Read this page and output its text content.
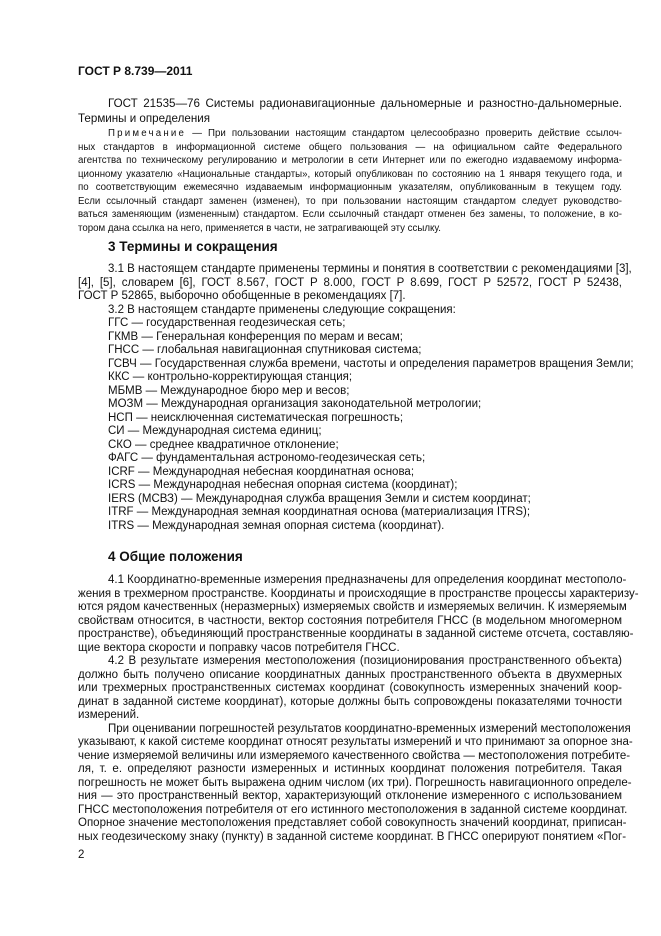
ГОСТ Р 8.739—2011
ГОСТ 21535—76 Системы радионавигационные дальномерные и разностно-дальномерные.
Термины и определения
Примечание — При пользовании настоящим стандартом целесообразно проверить действие ссылоч-
ных стандартов в информационной системе общего пользования — на официальном сайте Федерального
агентства по техническому регулированию и метрологии в сети Интернет или по ежегодно издаваемому информа-
ционному указателю «Национальные стандарты», который опубликован по состоянию на 1 января текущего года, и
по соответствующим ежемесячно издаваемым информационным указателям, опубликованным в текущем году.
Если ссылочный стандарт заменен (изменен), то при пользовании настоящим стандартом следует руководство-
ваться заменяющим (измененным) стандартом. Если ссылочный стандарт отменен без замены, то положение, в ко-
тором дана ссылка на него, применяется в части, не затрагивающей эту ссылку.
3 Термины и сокращения
3.1 В настоящем стандарте применены термины и понятия в соответствии с рекомендациями [3],
[4], [5], словарем [6], ГОСТ 8.567, ГОСТ Р 8.000, ГОСТ Р 8.699, ГОСТ Р 52572, ГОСТ Р 52438,
ГОСТ Р 52865, выборочно обобщенные в рекомендациях [7].
3.2 В настоящем стандарте применены следующие сокращения:
ГГС — государственная геодезическая сеть;
ГКМВ — Генеральная конференция по мерам и весам;
ГНСС — глобальная навигационная спутниковая система;
ГСВЧ — Государственная служба времени, частоты и определения параметров вращения Земли;
ККС — контрольно-корректирующая станция;
МБМВ — Международное бюро мер и весов;
МОЗМ — Международная организация законодательной метрологии;
НСП — неисключенная систематическая погрешность;
СИ — Международная система единиц;
СКО — среднее квадратичное отклонение;
ФАГС — фундаментальная астрономо-геодезическая сеть;
ICRF — Международная небесная координатная основа;
ICRS — Международная небесная опорная система (координат);
IERS (МСВЗ) — Международная служба вращения Земли и систем координат;
ITRF — Международная земная координатная основа (материализация ITRS);
ITRS — Международная земная опорная система (координат).
4 Общие положения
4.1 Координатно-временные измерения предназначены для определения координат местополо-
жения в трехмерном пространстве. Координаты и происходящие в пространстве процессы характеризу-
ются рядом качественных (неразмерных) измеряемых свойств и измеряемых величин. К измеряемым
свойствам относится, в частности, вектор состояния потребителя ГНСС (в модельном многомерном
пространстве), объединяющий пространственные координаты в заданной системе отсчета, составляю-
щие вектора скорости и поправку часов потребителя ГНСС.
4.2 В результате измерения местоположения (позиционирования пространственного объекта)
должно быть получено описание координатных данных пространственного объекта в двухмерных
или трехмерных пространственных системах координат (совокупность измеренных значений коор-
динат в заданной системе координат), которые должны быть сопровождены показателями точности
измерений.
При оценивании погрешностей результатов координатно-временных измерений местоположения
указывают, к какой системе координат относят результаты измерений и что принимают за опорное зна-
чение измеряемой величины или измеряемого качественного свойства — местоположения потребите-
ля, т. е. определяют разности измеренных и истинных координат положения потребителя. Такая
погрешность не может быть выражена одним числом (их три). Погрешность навигационного определе-
ния — это пространственный вектор, характеризующий отклонение измеренного с использованием
ГНСС местоположения потребителя от его истинного местоположения в заданной системе координат.
Опорное значение местоположения представляет собой совокупность значений координат, приписан-
ных геодезическому знаку (пункту) в заданной системе координат. В ГНСС оперируют понятием «Пог-
2
